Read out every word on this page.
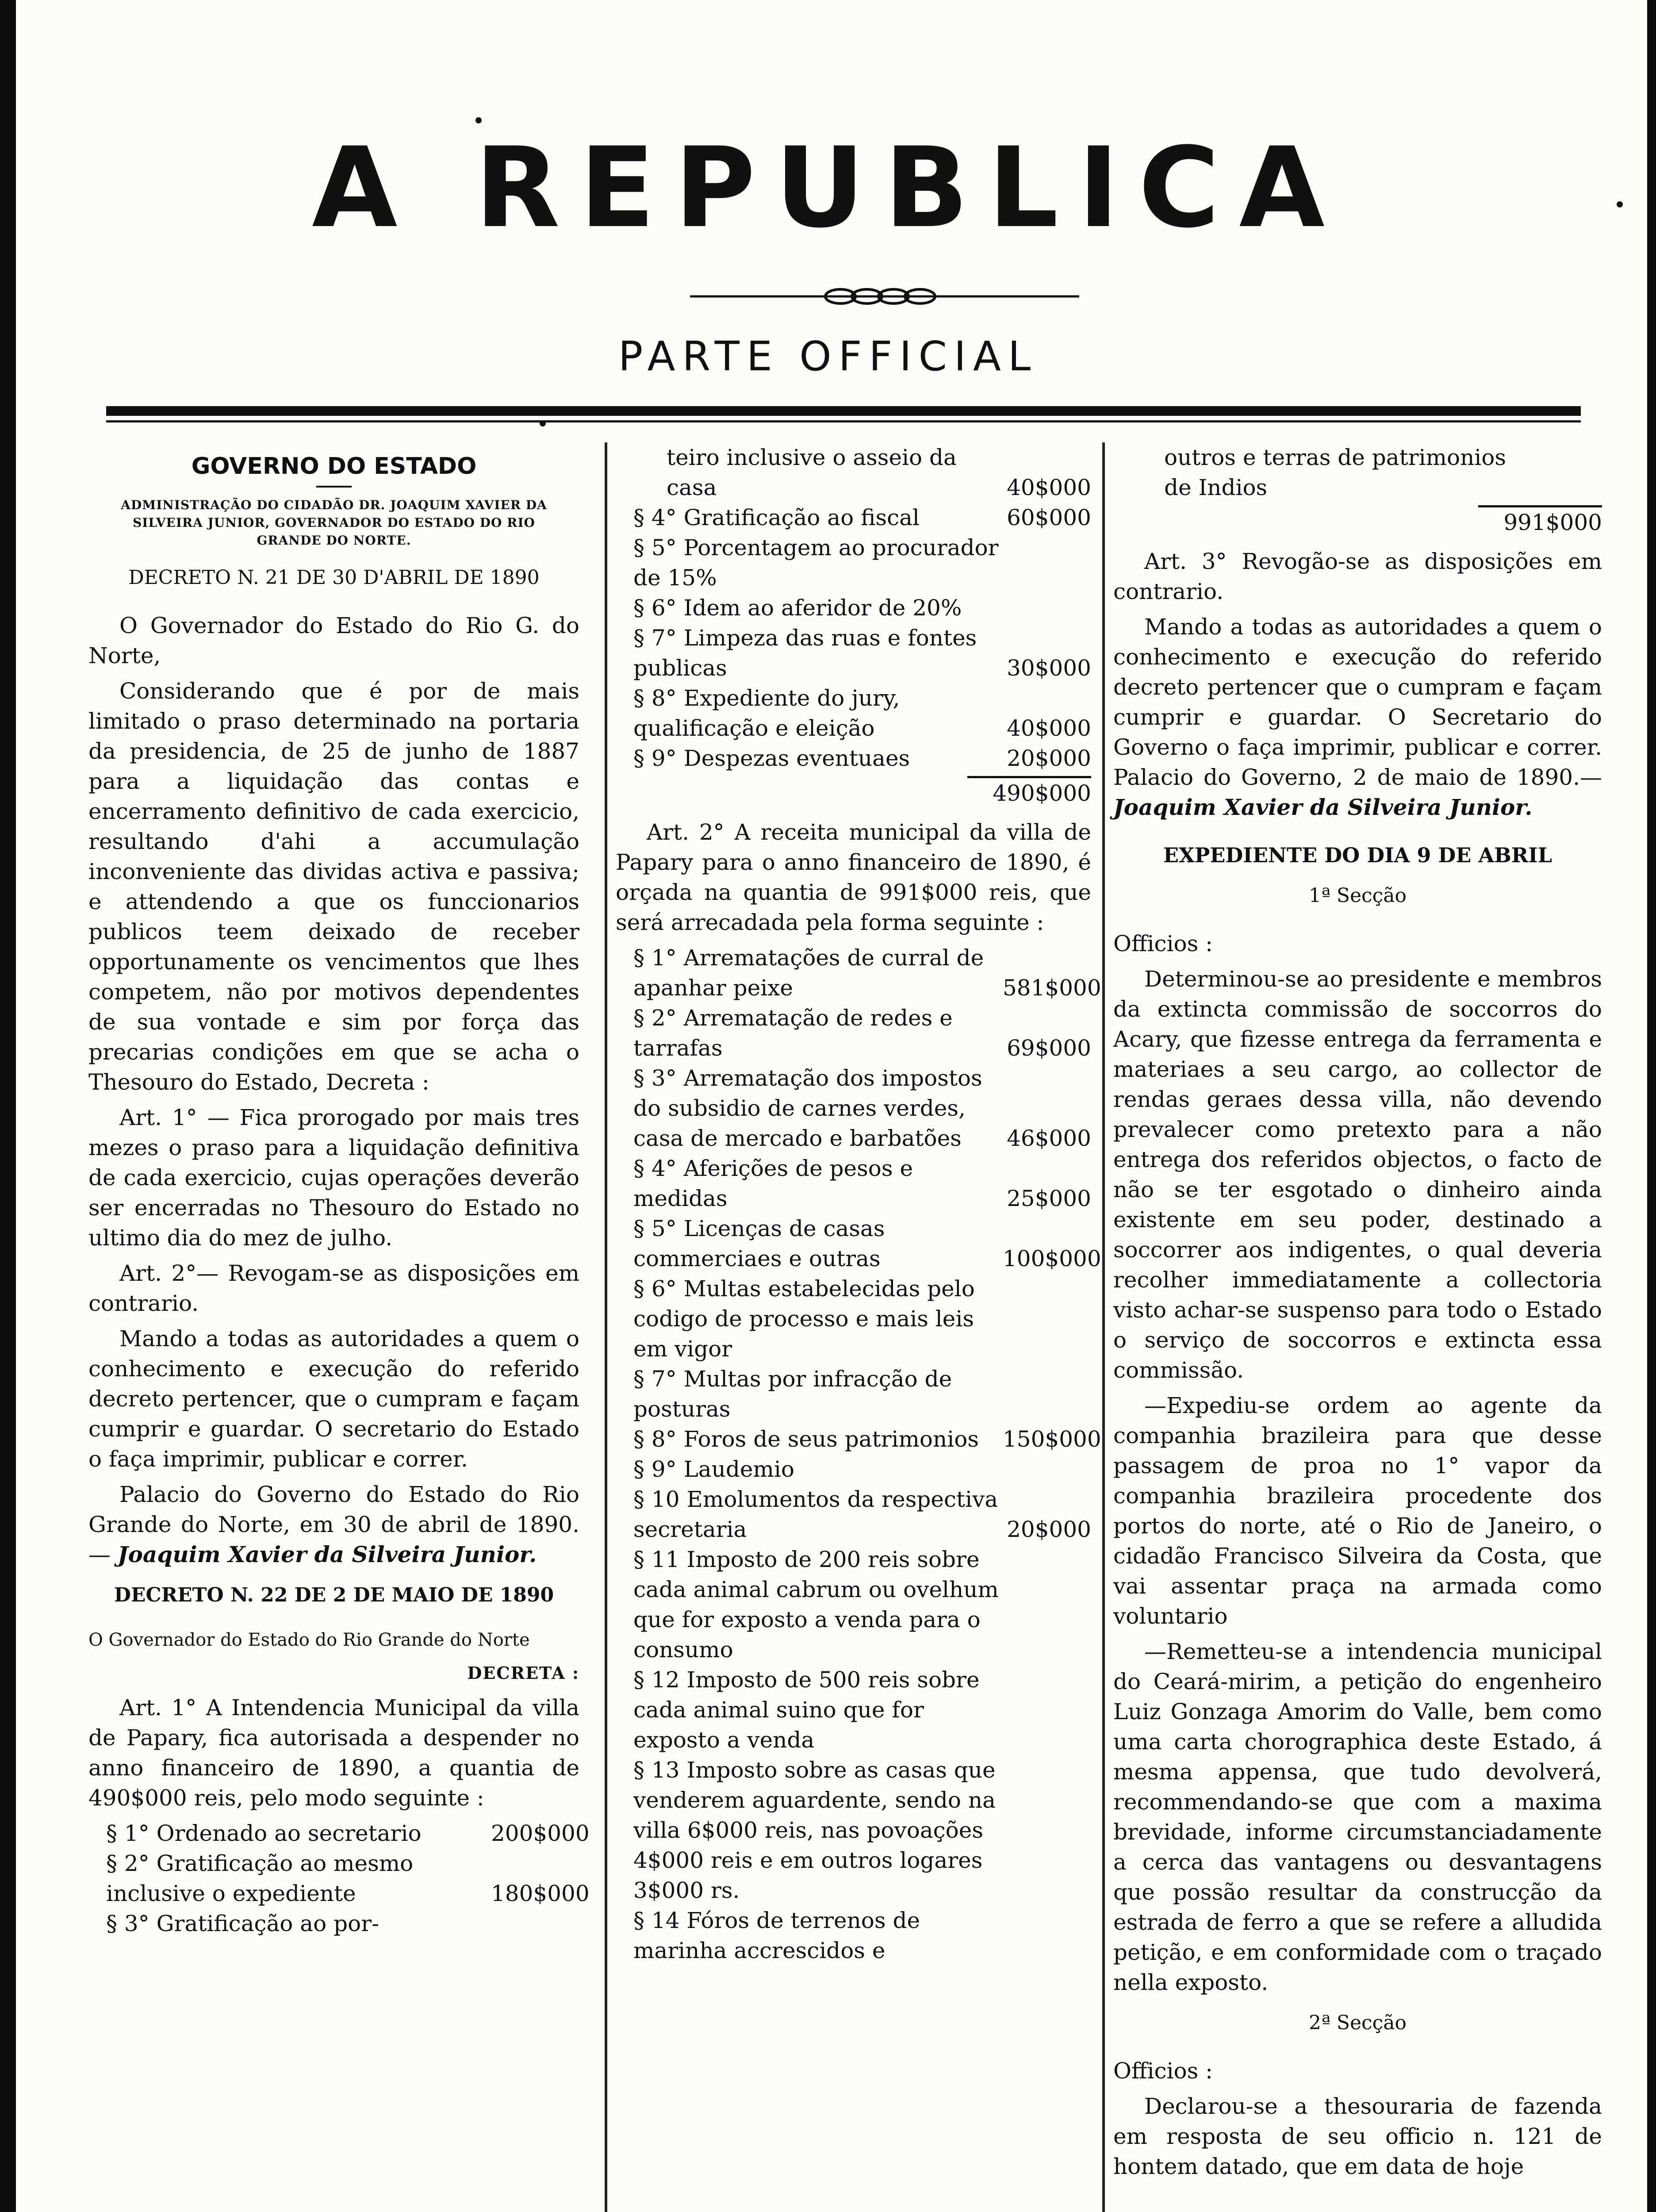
A REPUBLICA
PARTE OFFICIAL
GOVERNO DO ESTADO
ADMINISTRAÇÃO DO CIDADÃO DR. JOAQUIM XAVIER DA SILVEIRA JUNIOR, GOVERNADOR DO ESTADO DO RIO GRANDE DO NORTE.
DECRETO N. 21 DE 30 D'ABRIL DE 1890

O Governador do Estado do Rio G. do Norte,

Considerando que é por de mais limitado o praso determinado na portaria da presidencia, de 25 de junho de 1887 para a liquidação das contas e encerramento definitivo de cada exercicio, resultando d'ahi a accumulação inconveniente das dividas activa e passiva; e attendendo a que os funccionarios publicos teem deixado de receber opportunamente os vencimentos que lhes competem, não por motivos dependentes de sua vontade e sim por força das precarias condições em que se acha o Thesouro do Estado, Decreta :

Art. 1° — Fica prorogado por mais tres mezes o praso para a liquidação definitiva de cada exercicio, cujas operações deverão ser encerradas no Thesouro do Estado no ultimo dia do mez de julho.

Art. 2°— Revogam-se as disposições em contrario.

Mando a todas as autoridades a quem o conhecimento e execução do referido decreto pertencer, que o cumpram e façam cumprir e guardar. O secretario do Estado o faça imprimir, publicar e correr.

Palacio do Governo do Estado do Rio Grande do Norte, em 30 de abril de 1890. — Joaquim Xavier da Silveira Junior.

DECRETO N. 22 DE 2 DE MAIO DE 1890
O Governador do Estado do Rio Grande do Norte
DECRETA :

Art. 1° A Intendencia Municipal da villa de Papary, fica autorisada a despender no anno financeiro de 1890, a quantia de 490$000 reis, pelo modo seguinte :

§ 1° Ordenado ao secretario	200$000
§ 2° Gratificação ao mesmo inclusive o expediente	180$000
§ 3° Gratificação ao por-
teiro inclusive o asseio da casa	40$000
§ 4° Gratificação ao fiscal	60$000
§ 5° Porcentagem ao procurador de 15%
§ 6° Idem ao aferidor de 20%
§ 7° Limpeza das ruas e fontes publicas	30$000
§ 8° Expediente do jury, qualificação e eleição	40$000
§ 9° Despezas eventuaes	20$000
490$000

Art. 2° A receita municipal da villa de Papary para o anno financeiro de 1890, é orçada na quantia de 991$000 reis, que será arrecadada pela forma seguinte :

§ 1° Arrematações de curral de apanhar peixe	581$000
§ 2° Arrematação de redes e tarrafas	69$000
§ 3° Arrematação dos impostos do subsidio de carnes verdes, casa de mercado e barbatões	46$000
§ 4° Aferições de pesos e medidas	25$000
§ 5° Licenças de casas commerciaes e outras	100$000
§ 6° Multas estabelecidas pelo codigo de processo e mais leis em vigor
§ 7° Multas por infracção de posturas
§ 8° Foros de seus patrimonios	150$000
§ 9° Laudemio
§ 10 Emolumentos da respectiva secretaria	20$000
§ 11 Imposto de 200 reis sobre cada animal cabrum ou ovelhum que for exposto a venda para o consumo
§ 12 Imposto de 500 reis sobre cada animal suino que for exposto a venda
§ 13 Imposto sobre as casas que venderem aguardente, sendo na villa 6$000 reis, nas povoações 4$000 reis e em outros logares 3$000 rs.
§ 14 Fóros de terrenos de marinha accrescidos e
outros e terras de patrimonios de Indios
991$000

Art. 3° Revogão-se as disposições em contrario.

Mando a todas as autoridades a quem o conhecimento e execução do referido decreto pertencer que o cumpram e façam cumprir e guardar. O Secretario do Governo o faça imprimir, publicar e correr. Palacio do Governo, 2 de maio de 1890.—Joaquim Xavier da Silveira Junior.

EXPEDIENTE DO DIA 9 DE ABRIL
1ª Secção

Officios :

Determinou-se ao presidente e membros da extincta commissão de soccorros do Acary, que fizesse entrega da ferramenta e materiaes a seu cargo, ao collector de rendas geraes dessa villa, não devendo prevalecer como pretexto para a não entrega dos referidos objectos, o facto de não se ter esgotado o dinheiro ainda existente em seu poder, destinado a soccorrer aos indigentes, o qual deveria recolher immediatamente a collectoria visto achar-se suspenso para todo o Estado o serviço de soccorros e extincta essa commissão.

—Expediu-se ordem ao agente da companhia brazileira para que desse passagem de proa no 1° vapor da companhia brazileira procedente dos portos do norte, até o Rio de Janeiro, o cidadão Francisco Silveira da Costa, que vai assentar praça na armada como voluntario

—Remetteu-se a intendencia municipal do Ceará-mirim, a petição do engenheiro Luiz Gonzaga Amorim do Valle, bem como uma carta chorographica deste Estado, á mesma appensa, que tudo devolverá, recommendando-se que com a maxima brevidade, informe circumstanciadamente a cerca das vantagens ou desvantagens que possão resultar da construcção da estrada de ferro a que se refere a alludida petição, e em conformidade com o traçado nella exposto.

2ª Secção

Officios :

Declarou-se a thesouraria de fazenda em resposta de seu officio n. 121 de hontem datado, que em data de hoje
